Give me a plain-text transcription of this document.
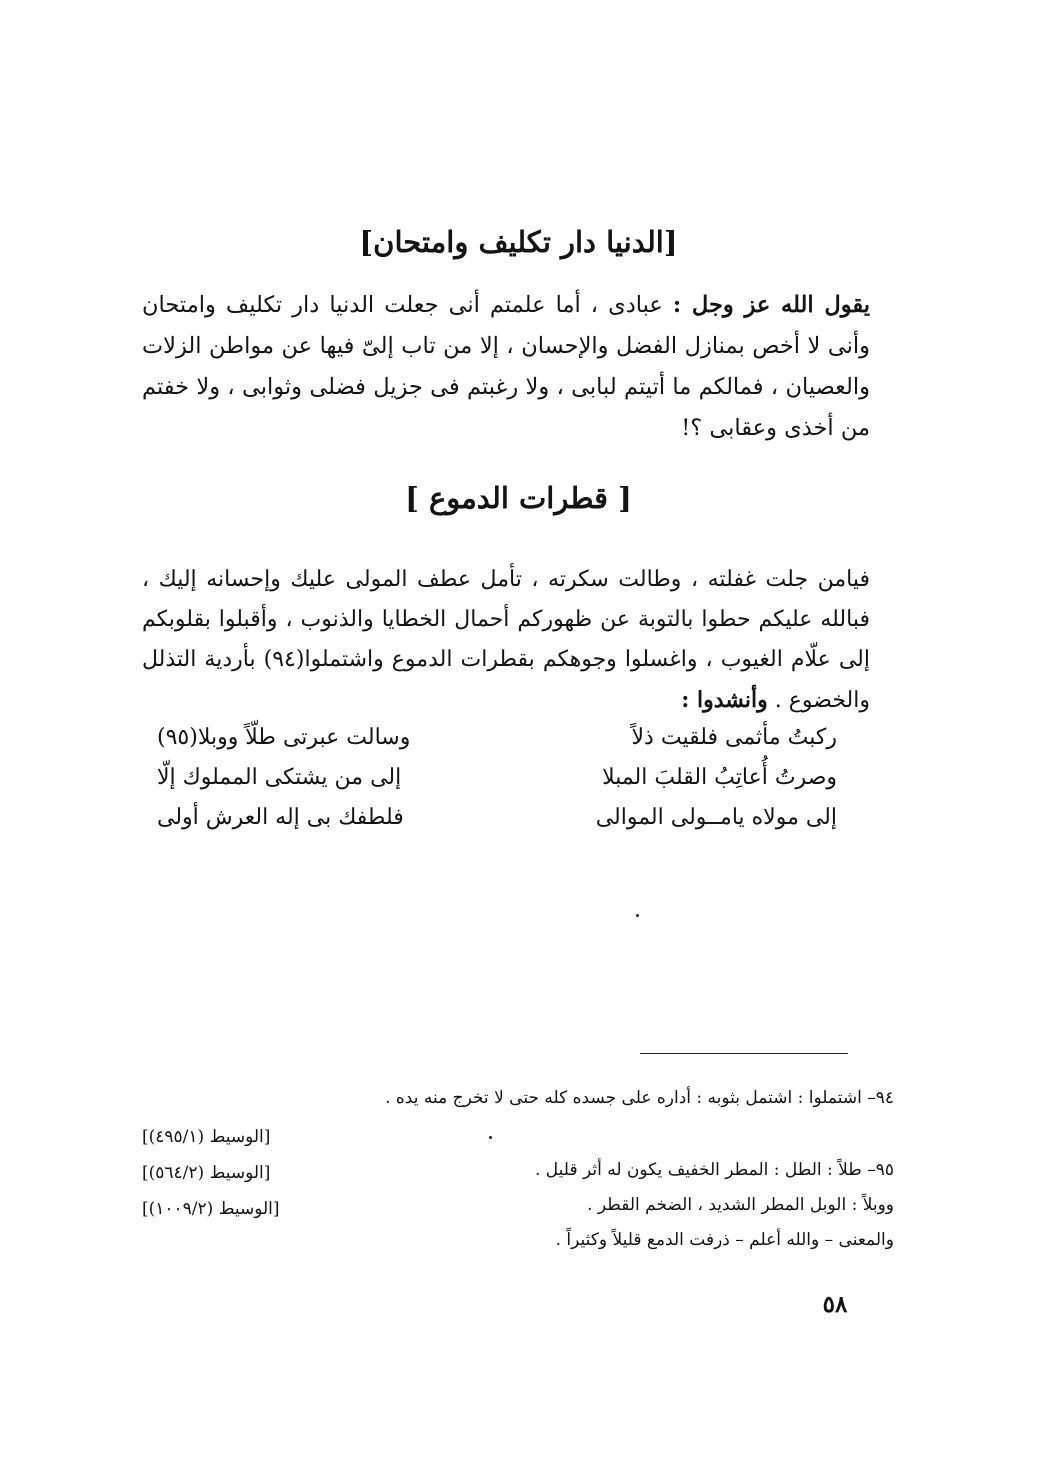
[الدنيا دار تكليف وامتحان]
يقول الله عز وجل : عبادى ، أما علمتم أنى جعلت الدنيا دار تكليف وامتحان وأنى لا أخص بمنازل الفضل والإحسان ، إلا من تاب إلىّ فيها عن مواطن الزلات والعصيان ، فمالكم ما أتيتم لبابى ، ولا رغبتم فى جزيل فضلى وثوابى ، ولا خفتم من أخذى وعقابى ؟!
[ قطرات الدموع ]
فيامن جلت غفلته ، وطالت سكرته ، تأمل عطف المولى عليك وإحسانه إليك ، فبالله عليكم حطوا بالتوبة عن ظهوركم أحمال الخطايا والذنوب ، وأقبلوا بقلوبكم إلى علّام الغيوب ، واغسلوا وجوهكم بقطرات الدموع واشتملوا(٩٤) بأردية التذلل والخضوع . وأنشدوا :
ركبتُ مأثمى فلقيت ذلاً
وسالت عبرتى طلّاً ووبلا(٩٥)
وصرتُ أُعاتِبُ القلبَ المبلا
إلى من يشتكى المملوك إلّا
إلى مولاه يامــولى الموالى
فلطفك بى إله العرش أولى
٩٤– اشتملوا : اشتمل بثوبه : أداره على جسده كله حتى لا تخرج منه يده .
[الوسيط (٤٩٥/١)]
٩٥– طلاً : الطل : المطر الخفيف يكون له أثر قليل .
[الوسيط (٥٦٤/٢)]
ووبلاً : الوبل المطر الشديد ، الضخم القطر .
[الوسيط (١٠٠٩/٢)]
والمعنى – والله أعلم – ذرفت الدمع قليلاً وكثيراً .
٥٨
